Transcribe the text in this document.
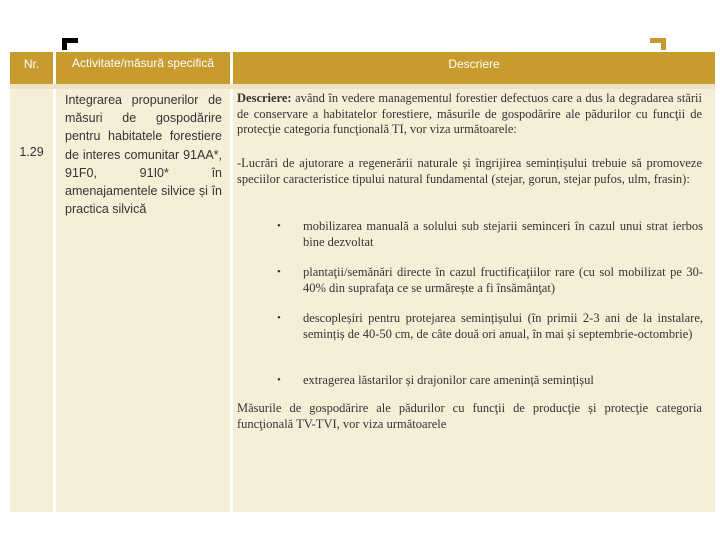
Nr.	Activitate/măsură specifică	Descriere
1.29
Integrarea propunerilor de măsuri de gospodărire pentru habitatele forestiere de interes comunitar 91AA*, 91F0, 91I0* în amenajamentele silvice și în practica silvică
Descriere: având în vedere managementul forestier defectuos care a dus la degradarea stării de conservare a habitatelor forestiere, măsurile de gospodărire ale pădurilor cu funcţii de protecţie categoria funcţională TI, vor viza următoarele:
-Lucrări de ajutorare a regenerării naturale și îngrijirea semințișului trebuie să promoveze speciilor caracteristice tipului natural fundamental (stejar, gorun, stejar pufos, ulm, frasin):
• mobilizarea manuală a solului sub stejarii seminceri în cazul unui strat ierbos bine dezvoltat
• plantaţii/semănări directe în cazul fructificaţiilor rare (cu sol mobilizat pe 30-40% din suprafaţa ce se urmărește a fi însămânţat)
• descopleșiri pentru protejarea semințișului (în primii 2-3 ani de la instalare, semințiș de 40-50 cm, de câte două ori anual, în mai și septembrie-octombrie)
• extragerea lăstarilor și drajonilor care amenință semințișul
Măsurile de gospodărire ale pădurilor cu funcţii de producţie și protecţie categoria funcţională TV-TVI, vor viza următoarele
